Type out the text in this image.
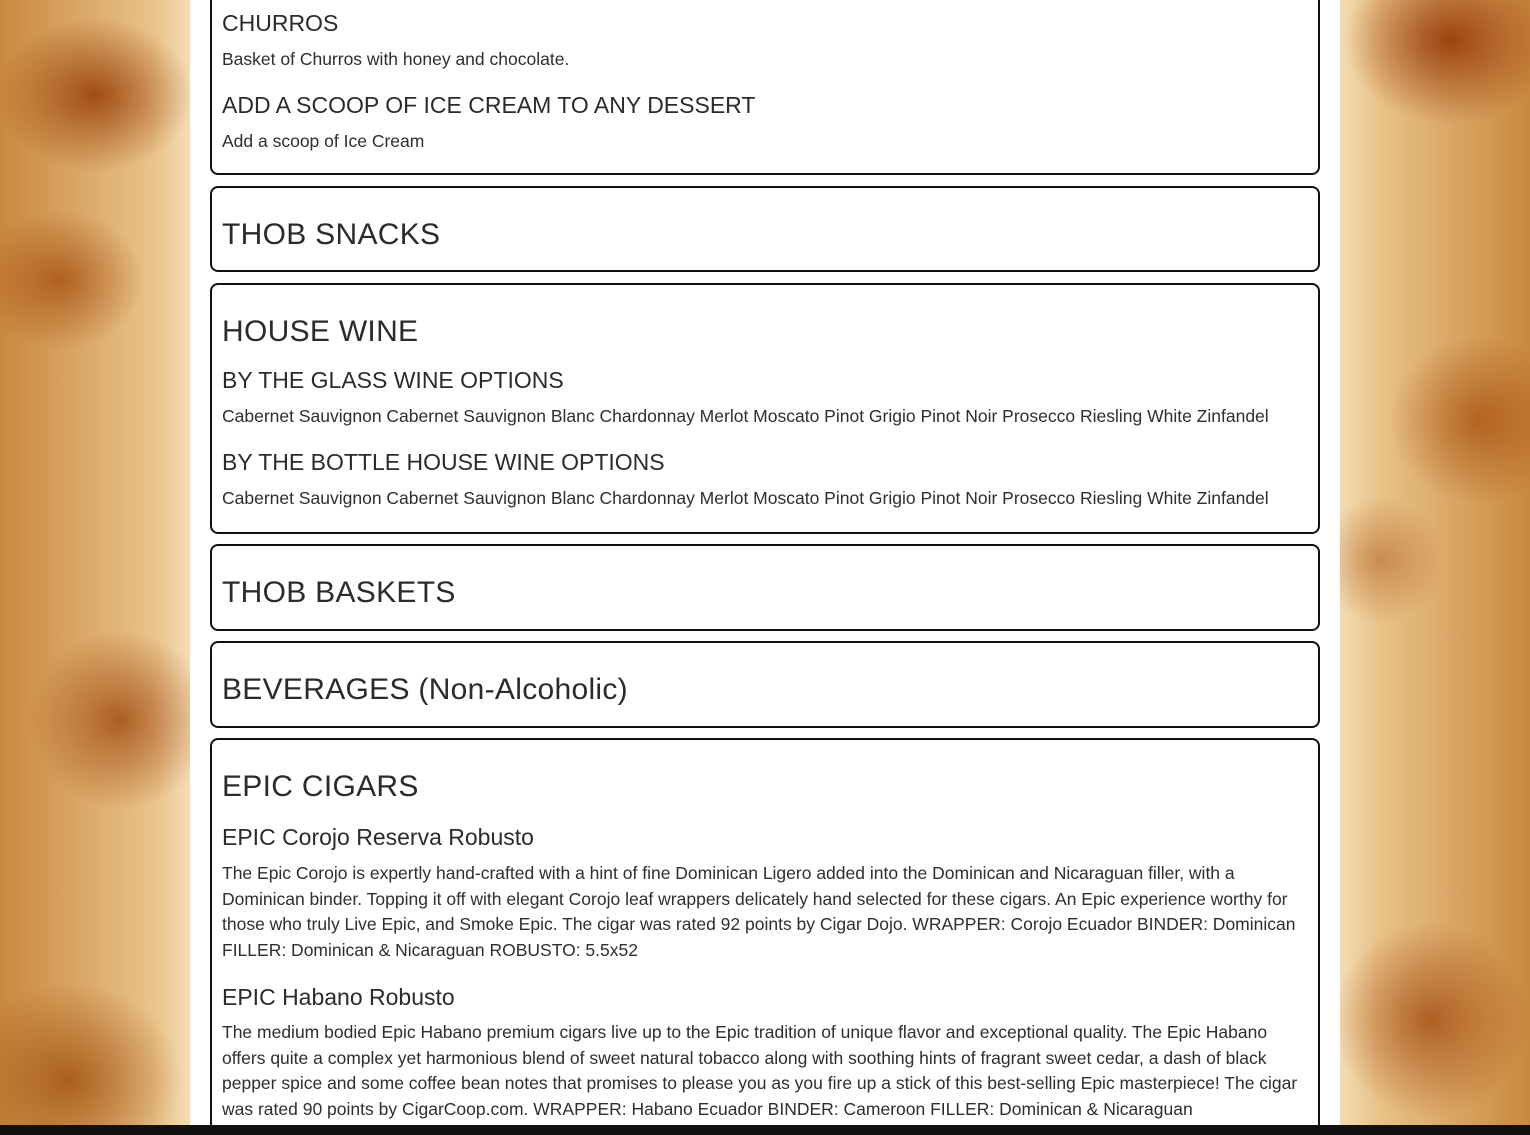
CHURROS

Basket of Churros with honey and chocolate.

ADD A SCOOP OF ICE CREAM TO ANY DESSERT

Add a scoop of Ice Cream

THOB SNACKS
HOUSE WINE
BY THE GLASS WINE OPTIONS

Cabernet Sauvignon Cabernet Sauvignon Blanc Chardonnay Merlot Moscato Pinot Grigio Pinot Noir Prosecco Riesling White Zinfandel

BY THE BOTTLE HOUSE WINE OPTIONS

Cabernet Sauvignon Cabernet Sauvignon Blanc Chardonnay Merlot Moscato Pinot Grigio Pinot Noir Prosecco Riesling White Zinfandel

THOB BASKETS
BEVERAGES (Non-Alcoholic)
EPIC CIGARS
EPIC Corojo Reserva Robusto

The Epic Corojo is expertly hand-crafted with a hint of fine Dominican Ligero added into the Dominican and Nicaraguan filler, with a Dominican binder. Topping it off with elegant Corojo leaf wrappers delicately hand selected for these cigars. An Epic experience worthy for those who truly Live Epic, and Smoke Epic. The cigar was rated 92 points by Cigar Dojo. WRAPPER: Corojo Ecuador BINDER: Dominican FILLER: Dominican & Nicaraguan ROBUSTO: 5.5x52

EPIC Habano Robusto

The medium bodied Epic Habano premium cigars live up to the Epic tradition of unique flavor and exceptional quality. The Epic Habano offers quite a complex yet harmonious blend of sweet natural tobacco along with soothing hints of fragrant sweet cedar, a dash of black pepper spice and some coffee bean notes that promises to please you as you fire up a stick of this best-selling Epic masterpiece! The cigar was rated 90 points by CigarCoop.com. WRAPPER: Habano Ecuador BINDER: Cameroon FILLER: Dominican & Nicaraguan
